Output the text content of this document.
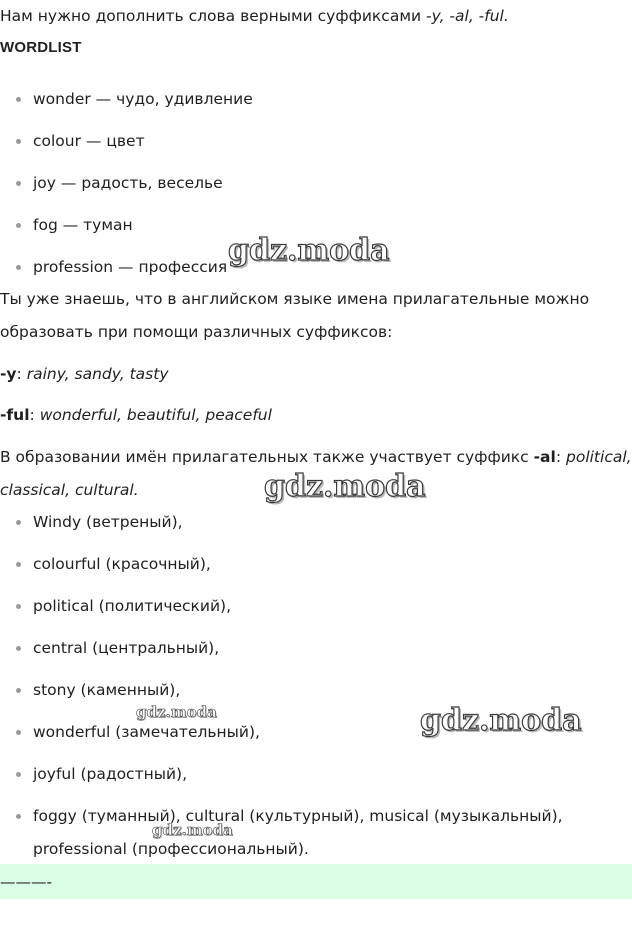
Нам нужно дополнить слова верными суффиксами -y, -al, -ful.
WORDLIST
wonder — чудо, удивление
colour — цвет
joy — радость, веселье
fog — туман
profession — профессия
Ты уже знаешь, что в английском языке имена прилагательные можно
образовать при помощи различных суффиксов:
-y: rainy, sandy, tasty
-ful: wonderful, beautiful, peaceful
В образовании имён прилагательных также участвует суффикс -al: political,
classical, cultural.
Windy (ветреный),
colourful (красочный),
political (политический),
central (центральный),
stony (каменный),
wonderful (замечательный),
joyful (радостный),
foggy (туманный), cultural (культурный), musical (музыкальный),
professional (профессиональный).
———-
gdz.moda
gdz.moda
gdz.moda
gdz.moda
gdz.moda
